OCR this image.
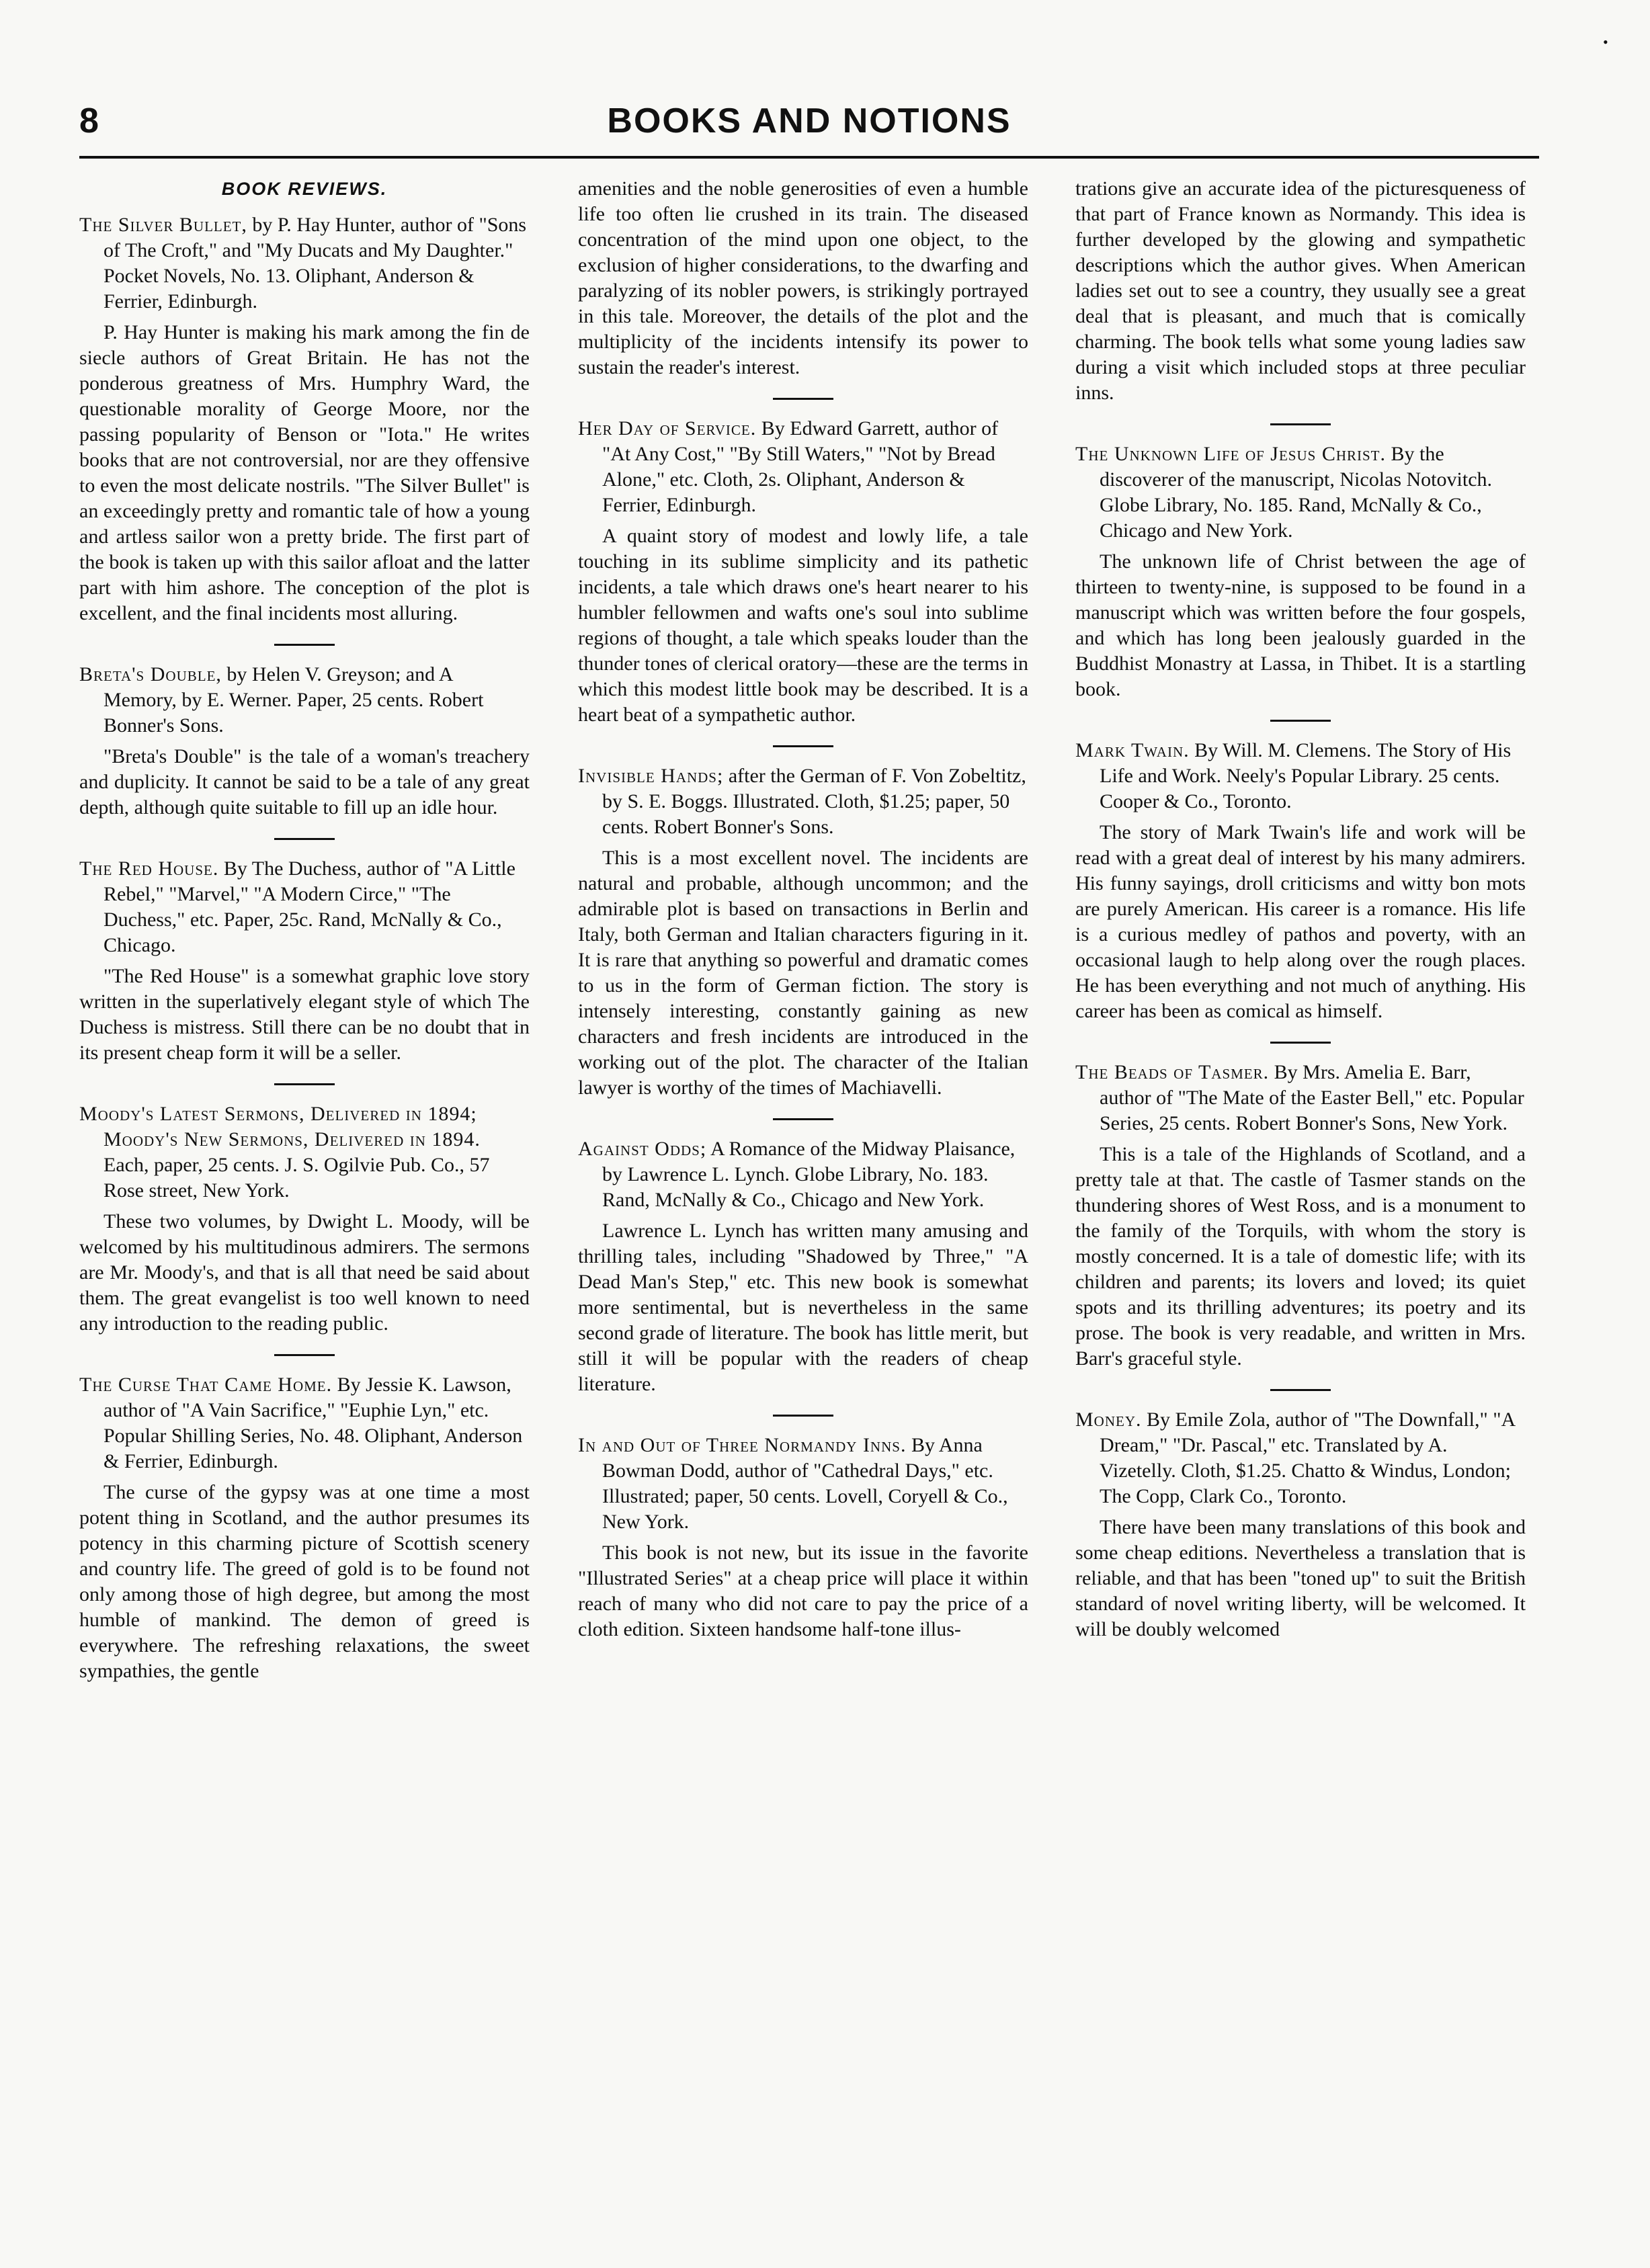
•
8	BOOKS AND NOTIONS
BOOK REVIEWS.

The Silver Bullet, by P. Hay Hunter, author of "Sons of The Croft," and "My Ducats and My Daughter." Pocket Novels, No. 13. Oliphant, Anderson & Ferrier, Edinburgh.

P. Hay Hunter is making his mark among the fin de siecle authors of Great Britain. He has not the ponderous greatness of Mrs. Humphry Ward, the questionable morality of George Moore, nor the passing popularity of Benson or "Iota." He writes books that are not controversial, nor are they offensive to even the most delicate nostrils. "The Silver Bullet" is an exceedingly pretty and romantic tale of how a young and artless sailor won a pretty bride. The first part of the book is taken up with this sailor afloat and the latter part with him ashore. The conception of the plot is excellent, and the final incidents most alluring.

Breta's Double, by Helen V. Greyson; and A Memory, by E. Werner. Paper, 25 cents. Robert Bonner's Sons.

"Breta's Double" is the tale of a woman's treachery and duplicity. It cannot be said to be a tale of any great depth, although quite suitable to fill up an idle hour.

The Red House. By The Duchess, author of "A Little Rebel," "Marvel," "A Modern Circe," "The Duchess," etc. Paper, 25c. Rand, McNally & Co., Chicago.

"The Red House" is a somewhat graphic love story written in the superlatively elegant style of which The Duchess is mistress. Still there can be no doubt that in its present cheap form it will be a seller.

Moody's Latest Sermons, Delivered in 1894; Moody's New Sermons, Delivered in 1894. Each, paper, 25 cents. J. S. Ogilvie Pub. Co., 57 Rose street, New York.

These two volumes, by Dwight L. Moody, will be welcomed by his multitudinous admirers. The sermons are Mr. Moody's, and that is all that need be said about them. The great evangelist is too well known to need any introduction to the reading public.

The Curse That Came Home. By Jessie K. Lawson, author of "A Vain Sacrifice," "Euphie Lyn," etc. Popular Shilling Series, No. 48. Oliphant, Anderson & Ferrier, Edinburgh.

The curse of the gypsy was at one time a most potent thing in Scotland, and the author presumes its potency in this charming picture of Scottish scenery and country life. The greed of gold is to be found not only among those of high degree, but among the most humble of mankind. The demon of greed is everywhere. The refreshing relaxations, the sweet sympathies, the gentle

amenities and the noble generosities of even a humble life too often lie crushed in its train. The diseased concentration of the mind upon one object, to the exclusion of higher considerations, to the dwarfing and paralyzing of its nobler powers, is strikingly portrayed in this tale. Moreover, the details of the plot and the multiplicity of the incidents intensify its power to sustain the reader's interest.

Her Day of Service. By Edward Garrett, author of "At Any Cost," "By Still Waters," "Not by Bread Alone," etc. Cloth, 2s. Oliphant, Anderson & Ferrier, Edinburgh.

A quaint story of modest and lowly life, a tale touching in its sublime simplicity and its pathetic incidents, a tale which draws one's heart nearer to his humbler fellowmen and wafts one's soul into sublime regions of thought, a tale which speaks louder than the thunder tones of clerical oratory—these are the terms in which this modest little book may be described. It is a heart beat of a sympathetic author.

Invisible Hands; after the German of F. Von Zobeltitz, by S. E. Boggs. Illustrated. Cloth, $1.25; paper, 50 cents. Robert Bonner's Sons.

This is a most excellent novel. The incidents are natural and probable, although uncommon; and the admirable plot is based on transactions in Berlin and Italy, both German and Italian characters figuring in it. It is rare that anything so powerful and dramatic comes to us in the form of German fiction. The story is intensely interesting, constantly gaining as new characters and fresh incidents are introduced in the working out of the plot. The character of the Italian lawyer is worthy of the times of Machiavelli.

Against Odds; A Romance of the Midway Plaisance, by Lawrence L. Lynch. Globe Library, No. 183. Rand, McNally & Co., Chicago and New York.

Lawrence L. Lynch has written many amusing and thrilling tales, including "Shadowed by Three," "A Dead Man's Step," etc. This new book is somewhat more sentimental, but is nevertheless in the same second grade of literature. The book has little merit, but still it will be popular with the readers of cheap literature.

In and Out of Three Normandy Inns. By Anna Bowman Dodd, author of "Cathedral Days," etc. Illustrated; paper, 50 cents. Lovell, Coryell & Co., New York.

This book is not new, but its issue in the favorite "Illustrated Series" at a cheap price will place it within reach of many who did not care to pay the price of a cloth edition. Sixteen handsome half-tone illus-

trations give an accurate idea of the picturesqueness of that part of France known as Normandy. This idea is further developed by the glowing and sympathetic descriptions which the author gives. When American ladies set out to see a country, they usually see a great deal that is pleasant, and much that is comically charming. The book tells what some young ladies saw during a visit which included stops at three peculiar inns.

The Unknown Life of Jesus Christ. By the discoverer of the manuscript, Nicolas Notovitch. Globe Library, No. 185. Rand, McNally & Co., Chicago and New York.

The unknown life of Christ between the age of thirteen to twenty-nine, is supposed to be found in a manuscript which was written before the four gospels, and which has long been jealously guarded in the Buddhist Monastry at Lassa, in Thibet. It is a startling book.

Mark Twain. By Will. M. Clemens. The Story of His Life and Work. Neely's Popular Library. 25 cents. Cooper & Co., Toronto.

The story of Mark Twain's life and work will be read with a great deal of interest by his many admirers. His funny sayings, droll criticisms and witty bon mots are purely American. His career is a romance. His life is a curious medley of pathos and poverty, with an occasional laugh to help along over the rough places. He has been everything and not much of anything. His career has been as comical as himself.

The Beads of Tasmer. By Mrs. Amelia E. Barr, author of "The Mate of the Easter Bell," etc. Popular Series, 25 cents. Robert Bonner's Sons, New York.

This is a tale of the Highlands of Scotland, and a pretty tale at that. The castle of Tasmer stands on the thundering shores of West Ross, and is a monument to the family of the Torquils, with whom the story is mostly concerned. It is a tale of domestic life; with its children and parents; its lovers and loved; its quiet spots and its thrilling adventures; its poetry and its prose. The book is very readable, and written in Mrs. Barr's graceful style.

Money. By Emile Zola, author of "The Downfall," "A Dream," "Dr. Pascal," etc. Translated by A. Vizetelly. Cloth, $1.25. Chatto & Windus, London; The Copp, Clark Co., Toronto.

There have been many translations of this book and some cheap editions. Nevertheless a translation that is reliable, and that has been "toned up" to suit the British standard of novel writing liberty, will be welcomed. It will be doubly welcomed
